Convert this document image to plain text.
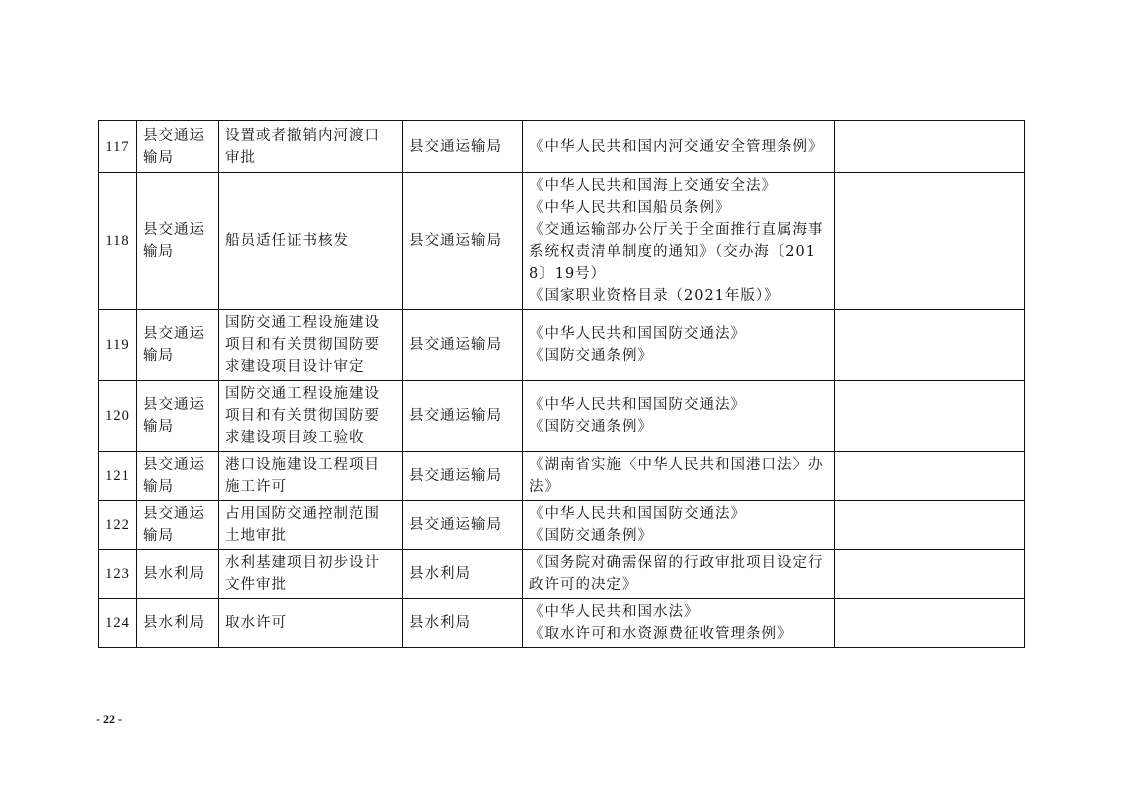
117	县交通运
输局	设置或者撤销内河渡口
审批	县交通运输局	《中华人民共和国内河交通安全管理条例》	

118	县交通运
输局	船员适任证书核发	县交通运输局	《中华人民共和国海上交通安全法》
《中华人民共和国船员条例》
《交通运输部办公厅关于全面推行直属海事系统权责清单制度的通知》（交办海〔2018〕19号）
《国家职业资格目录（2021年版）》	

119	县交通运
输局	国防交通工程设施建设
项目和有关贯彻国防要
求建设项目设计审定	县交通运输局	《中华人民共和国国防交通法》
《国防交通条例》	

120	县交通运
输局	国防交通工程设施建设
项目和有关贯彻国防要
求建设项目竣工验收	县交通运输局	《中华人民共和国国防交通法》
《国防交通条例》	

121	县交通运
输局	港口设施建设工程项目
施工许可	县交通运输局	《湖南省实施〈中华人民共和国港口法〉办法》	

122	县交通运
输局	占用国防交通控制范围
土地审批	县交通运输局	《中华人民共和国国防交通法》
《国防交通条例》	

123	县水利局	水利基建项目初步设计
文件审批	县水利局	《国务院对确需保留的行政审批项目设定行政许可的决定》	

124	县水利局	取水许可	县水利局	《中华人民共和国水法》
《取水许可和水资源费征收管理条例》	

- 22 -
